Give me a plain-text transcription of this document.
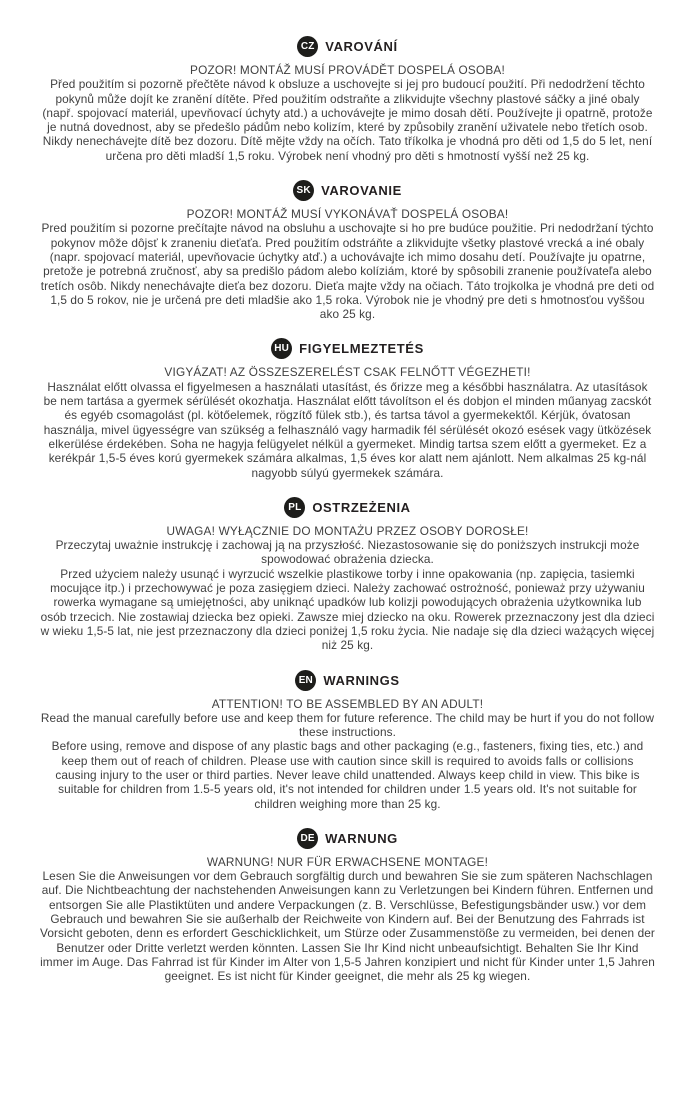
CZ VAROVÁNÍ

POZOR! MONTÁŽ MUSÍ PROVÁDĚT DOSPELÁ OSOBA!

Před použitím si pozorně přečtěte návod k obsluze a uschovejte si jej pro budoucí použití. Při nedodržení těchto pokynů může dojít ke zranění dítěte. Před použitím odstraňte a zlikvidujte všechny plastové sáčky a jiné obaly (např. spojovací materiál, upevňovací úchyty atd.) a uchovávejte je mimo dosah dětí. Používejte ji opatrně, protože je nutná dovednost, aby se předešlo pádům nebo kolizím, které by způsobily zranění uživatele nebo třetích osob. Nikdy nenechávejte dítě bez dozoru. Dítě mějte vždy na očích. Tato tříkolka je vhodná pro děti od 1,5 do 5 let, není určena pro děti mladší 1,5 roku. Výrobek není vhodný pro děti s hmotností vyšší než 25 kg.

SK VAROVANIE

POZOR! MONTÁŽ MUSÍ VYKONÁVAŤ DOSPELÁ OSOBA!

Pred použitím si pozorne prečítajte návod na obsluhu a uschovajte si ho pre budúce použitie. Pri nedodržaní týchto pokynov môže dôjsť k zraneniu dieťaťa. Pred použitím odstráňte a zlikvidujte všetky plastové vrecká a iné obaly (napr. spojovací materiál, upevňovacie úchytky atď.) a uchovávajte ich mimo dosahu detí. Používajte ju opatrne, pretože je potrebná zručnosť, aby sa predišlo pádom alebo kolíziám, ktoré by spôsobili zranenie používateľa alebo tretích osôb. Nikdy nenechávajte dieťa bez dozoru. Dieťa majte vždy na očiach. Táto trojkolka je vhodná pre deti od 1,5 do 5 rokov, nie je určená pre deti mladšie ako 1,5 roka. Výrobok nie je vhodný pre deti s hmotnosťou vyššou ako 25 kg.

HU FIGYELMEZTETÉS

VIGYÁZAT! AZ ÖSSZESZERELÉST CSAK FELNŐTT VÉGEZHETI!

Használat előtt olvassa el figyelmesen a használati utasítást, és őrizze meg a későbbi használatra. Az utasítások be nem tartása a gyermek sérülését okozhatja. Használat előtt távolítson el és dobjon el minden műanyag zacskót és egyéb csomagolást (pl. kötőelemek, rögzítő fülek stb.), és tartsa távol a gyermekektől. Kérjük, óvatosan használja, mivel ügyességre van szükség a felhasználó vagy harmadik fél sérülését okozó esések vagy ütközések elkerülése érdekében. Soha ne hagyja felügyelet nélkül a gyermeket. Mindig tartsa szem előtt a gyermeket. Ez a kerékpár 1,5-5 éves korú gyermekek számára alkalmas, 1,5 éves kor alatt nem ajánlott. Nem alkalmas 25 kg-nál nagyobb súlyú gyermekek számára.

PL OSTRZEŻENIA

UWAGA! WYŁĄCZNIE DO MONTAŻU PRZEZ OSOBY DOROSŁE!

Przeczytaj uważnie instrukcję i zachowaj ją na przyszłość. Niezastosowanie się do poniższych instrukcji może spowodować obrażenia dziecka.

Przed użyciem należy usunąć i wyrzucić wszelkie plastikowe torby i inne opakowania (np. zapięcia, tasiemki mocujące itp.) i przechowywać je poza zasięgiem dzieci. Należy zachować ostrożność, ponieważ przy używaniu rowerka wymagane są umiejętności, aby uniknąć upadków lub kolizji powodujących obrażenia użytkownika lub osób trzecich. Nie zostawiaj dziecka bez opieki. Zawsze miej dziecko na oku. Rowerek przeznaczony jest dla dzieci w wieku 1,5-5 lat, nie jest przeznaczony dla dzieci poniżej 1,5 roku życia. Nie nadaje się dla dzieci ważących więcej niż 25 kg.

EN WARNINGS

ATTENTION! TO BE ASSEMBLED BY AN ADULT!

Read the manual carefully before use and keep them for future reference. The child may be hurt if you do not follow these instructions.

Before using, remove and dispose of any plastic bags and other packaging (e.g., fasteners, fixing ties, etc.) and keep them out of reach of children. Please use with caution since skill is required to avoids falls or collisions causing injury to the user or third parties. Never leave child unattended. Always keep child in view. This bike is suitable for children from 1.5-5 years old, it's not intended for children under 1.5 years old. It's not suitable for children weighing more than 25 kg.

DE WARNUNG

WARNUNG! NUR FÜR ERWACHSENE MONTAGE!

Lesen Sie die Anweisungen vor dem Gebrauch sorgfältig durch und bewahren Sie sie zum späteren Nachschlagen auf. Die Nichtbeachtung der nachstehenden Anweisungen kann zu Verletzungen bei Kindern führen. Entfernen und entsorgen Sie alle Plastiktüten und andere Verpackungen (z. B. Verschlüsse, Befestigungsbänder usw.) vor dem Gebrauch und bewahren Sie sie außerhalb der Reichweite von Kindern auf. Bei der Benutzung des Fahrrads ist Vorsicht geboten, denn es erfordert Geschicklichkeit, um Stürze oder Zusammenstöße zu vermeiden, bei denen der Benutzer oder Dritte verletzt werden könnten. Lassen Sie Ihr Kind nicht unbeaufsichtigt. Behalten Sie Ihr Kind immer im Auge. Das Fahrrad ist für Kinder im Alter von 1,5-5 Jahren konzipiert und nicht für Kinder unter 1,5 Jahren geeignet. Es ist nicht für Kinder geeignet, die mehr als 25 kg wiegen.
